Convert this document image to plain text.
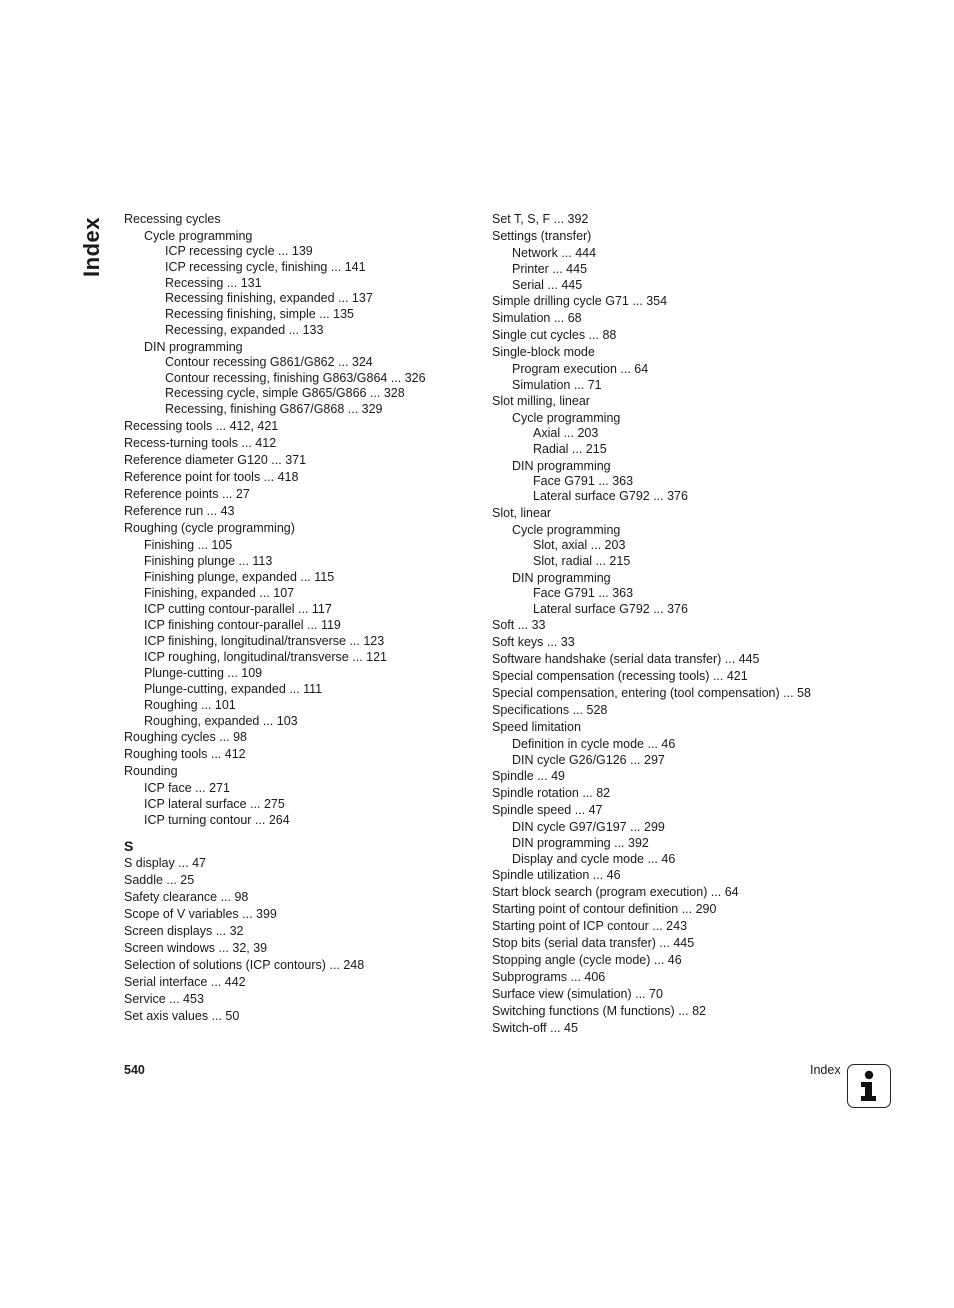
Index Recessing cycles
Cycle programming
ICP recessing cycle ... 139
ICP recessing cycle, finishing ... 141
Recessing ... 131
Recessing finishing, expanded ... 137
Recessing finishing, simple ... 135
Recessing, expanded ... 133
DIN programming
Contour recessing G861/G862 ... 324
Contour recessing, finishing G863/G864 ... 326
Recessing cycle, simple G865/G866 ... 328
Recessing, finishing G867/G868 ... 329
Recessing tools ... 412, 421
Recess-turning tools ... 412
Reference diameter G120 ... 371
Reference point for tools ... 418
Reference points ... 27
Reference run ... 43
Roughing (cycle programming)
Finishing ... 105
Finishing plunge ... 113
Finishing plunge, expanded ... 115
Finishing, expanded ... 107
ICP cutting contour-parallel ... 117
ICP finishing contour-parallel ... 119
ICP finishing, longitudinal/transverse ... 123
ICP roughing, longitudinal/transverse ... 121
Plunge-cutting ... 109
Plunge-cutting, expanded ... 111
Roughing ... 101
Roughing, expanded ... 103
Roughing cycles ... 98
Roughing tools ... 412
Rounding
ICP face ... 271
ICP lateral surface ... 275
ICP turning contour ... 264
S
S display ... 47
Saddle ... 25
Safety clearance ... 98
Scope of V variables ... 399
Screen displays ... 32
Screen windows ... 32, 39
Selection of solutions (ICP contours) ... 248
Serial interface ... 442
Service ... 453
Set axis values ... 50
Set T, S, F ... 392
Settings (transfer)
Network ... 444
Printer ... 445
Serial ... 445
Simple drilling cycle G71 ... 354
Simulation ... 68
Single cut cycles ... 88
Single-block mode
Program execution ... 64
Simulation ... 71
Slot milling, linear
Cycle programming
Axial ... 203
Radial ... 215
DIN programming
Face G791 ... 363
Lateral surface G792 ... 376
Slot, linear
Cycle programming
Slot, axial ... 203
Slot, radial ... 215
DIN programming
Face G791 ... 363
Lateral surface G792 ... 376
Soft ... 33
Soft keys ... 33
Software handshake (serial data transfer) ... 445
Special compensation (recessing tools) ... 421
Special compensation, entering (tool compensation) ... 58
Specifications ... 528
Speed limitation
Definition in cycle mode ... 46
DIN cycle G26/G126 ... 297
Spindle ... 49
Spindle rotation ... 82
Spindle speed ... 47
DIN cycle G97/G197 ... 299
DIN programming ... 392
Display and cycle mode ... 46
Spindle utilization ... 46
Start block search (program execution) ... 64
Starting point of contour definition ... 290
Starting point of ICP contour ... 243
Stop bits (serial data transfer) ... 445
Stopping angle (cycle mode) ... 46
Subprograms ... 406
Surface view (simulation) ... 70
Switching functions (M functions) ... 82
Switch-off ... 45
540	Index
